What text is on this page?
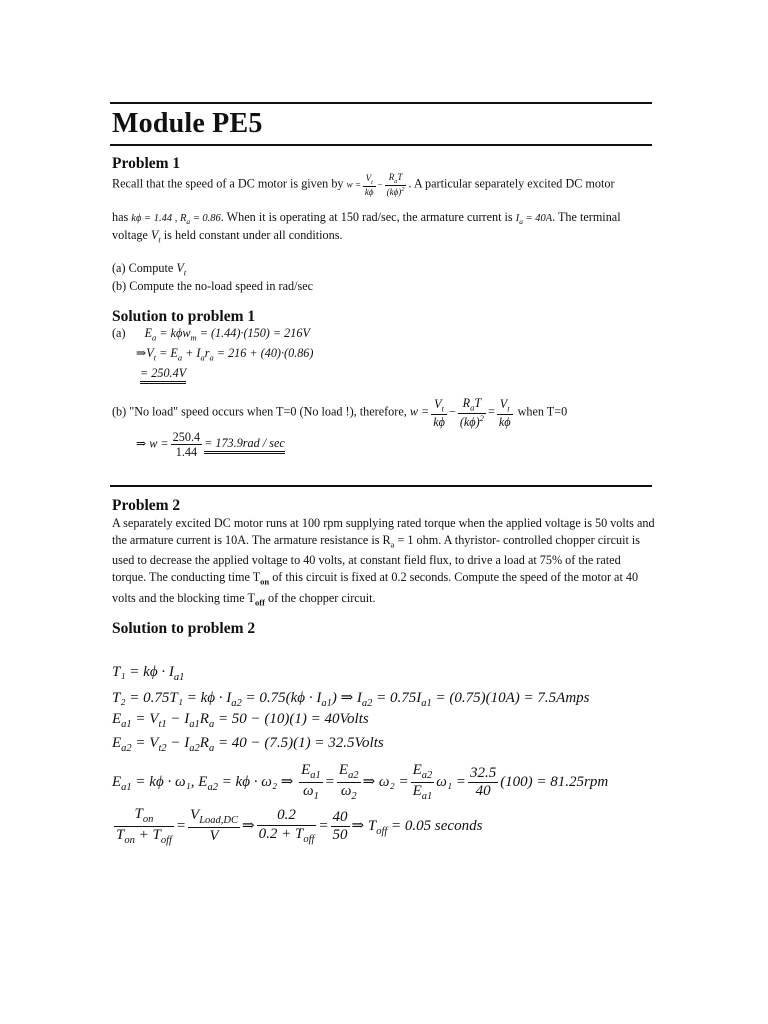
Module PE5
Problem 1
Recall that the speed of a DC motor is given by $w = \frac{V_t}{k\phi} - \frac{R_aT}{(k\phi)^2}$ . A particular separately excited DC motor
has kϕ = 1.44 , $R_a = 0.86$. When it is operating at 150 rad/sec, the armature current is $I_a = 40A$. The terminal
voltage $V_t$ is held constant under all conditions.
(a) Compute $V_t$
(b) Compute the no-load speed in rad/sec
Solution to problem 1
(a) $E_a = k\phi w_m = (1.44)\cdot(150) = 216V$
$\Rightarrow V_t = E_a + I_ar_a = 216 + (40)\cdot(0.86)$
= 250.4V
(b) "No load" speed occurs when T=0 (No load !), therefore, $w = \frac{V_t}{k\phi} - \frac{R_aT}{(k\phi)^2} = \frac{V_t}{k\phi}$ when T=0
⇒ $w = \frac{250.4}{1.44} = 173.9rad / \sec$
Problem 2
A separately excited DC motor runs at 100 rpm supplying rated torque when the applied voltage is 50 volts and the armature current is 10A. The armature resistance is $R_a = 1$ ohm. A thyristor- controlled chopper circuit is used to decrease the applied voltage to 40 volts, at constant field flux, to drive a load at 75% of the rated torque. The conducting time $T_{on}$ of this circuit is fixed at 0.2 seconds. Compute the speed of the motor at 40 volts and the blocking time $T_{off}$ of the chopper circuit.
Solution to problem 2
$T_1 = k\phi \cdot I_{a1}$
$T_2 = 0.75T_1 = k\phi \cdot I_{a2} = 0.75(k\phi \cdot I_{a1})$ ⇒ $I_{a2} = 0.75I_{a1} = (0.75)(10A)$ = 7.5Amps
$E_{a1} = V_{t1} - I_{a1}R_a = 50 - (10)(1)$ = 40Volts
$E_{a2} = V_{t2} - I_{a2}R_a = 40 - (7.5)(1)$ = 32.5Volts
$E_{a1} = k\phi \cdot \omega_1$, $E_{a2} = k\phi \cdot \omega_2$ ⇒ $\frac{E_{a1}}{\omega_1} = \frac{E_{a2}}{\omega_2}$ ⇒ $\omega_2 = \frac{E_{a2}}{E_{a1}} \omega_1 = \frac{32.5}{40} (100) = 81.25rpm$
$\frac{T_{on}}{T_{on} + T_{off}} = \frac{V_{Load,DC}}{V}$ ⇒ $\frac{0.2}{0.2 + T_{off}} = \frac{40}{50}$ ⇒ $T_{off} = 0.05$ seconds
